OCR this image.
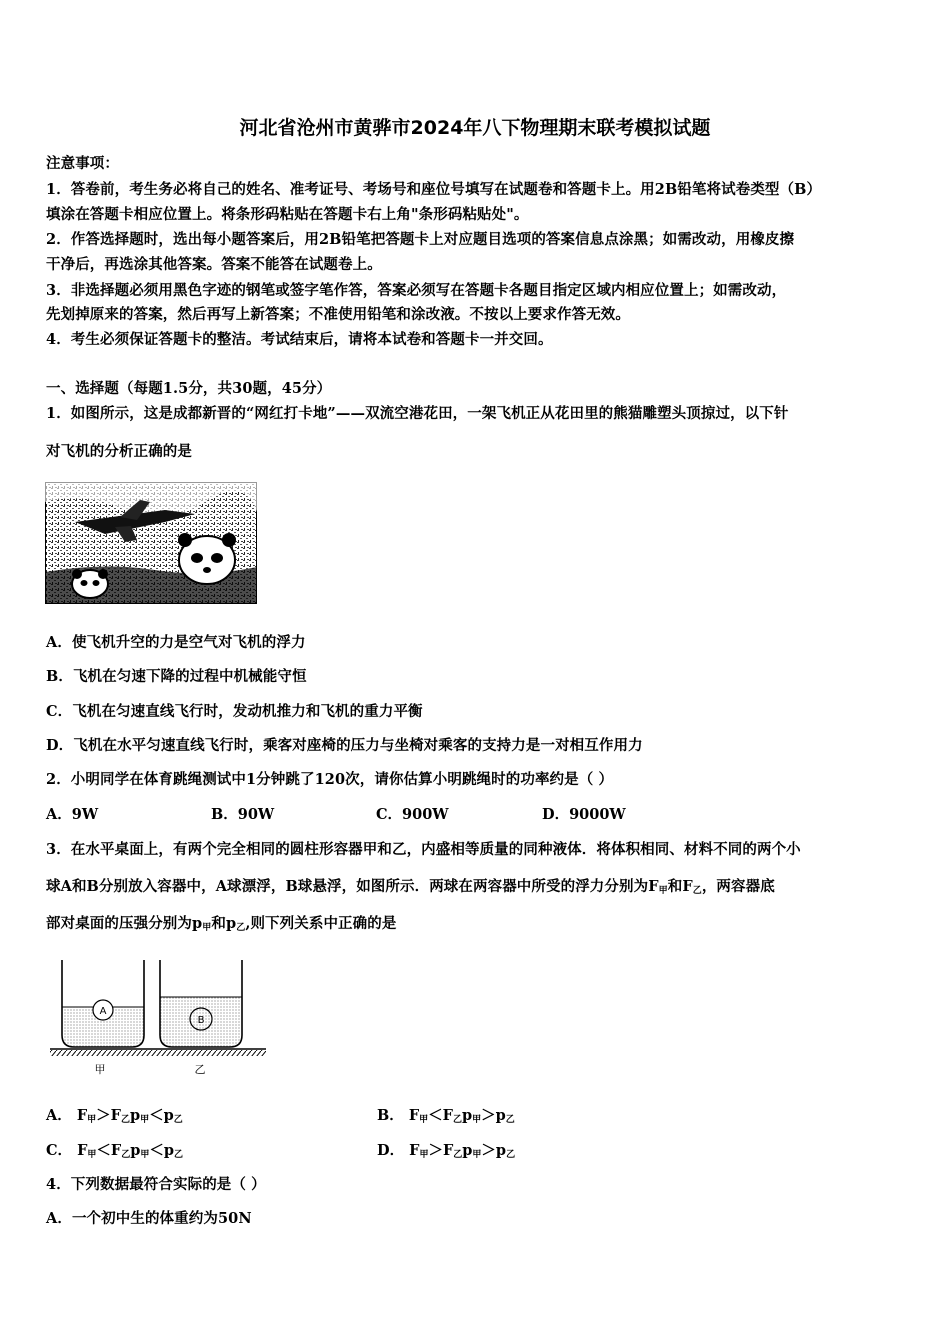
河北省沧州市黄骅市2024年八下物理期末联考模拟试题
注意事项：
1．答卷前，考生务必将自己的姓名、准考证号、考场号和座位号填写在试题卷和答题卡上。用2B铅笔将试卷类型（B）
填涂在答题卡相应位置上。将条形码粘贴在答题卡右上角"条形码粘贴处"。
2．作答选择题时，选出每小题答案后，用2B铅笔把答题卡上对应题目选项的答案信息点涂黑；如需改动，用橡皮擦
干净后，再选涂其他答案。答案不能答在试题卷上。
3．非选择题必须用黑色字迹的钢笔或签字笔作答，答案必须写在答题卡各题目指定区域内相应位置上；如需改动，
先划掉原来的答案，然后再写上新答案；不准使用铅笔和涂改液。不按以上要求作答无效。
4．考生必须保证答题卡的整洁。考试结束后，请将本试卷和答题卡一并交回。
一、选择题（每题1.5分，共30题，45分）
1．如图所示，这是成都新晋的“网红打卡地”——双流空港花田，一架飞机正从花田里的熊猫雕塑头顶掠过，以下针
对飞机的分析正确的是
A．使飞机升空的力是空气对飞机的浮力
B．飞机在匀速下降的过程中机械能守恒
C．飞机在匀速直线飞行时，发动机推力和飞机的重力平衡
D．飞机在水平匀速直线飞行时，乘客对座椅的压力与坐椅对乘客的支持力是一对相互作用力
2．小明同学在体育跳绳测试中1分钟跳了120次，请你估算小明跳绳时的功率约是（ ）
A．9W	B．90W	C．900W	D．9000W
3．在水平桌面上，有两个完全相同的圆柱形容器甲和乙，内盛相等质量的同种液体．将体积相同、材料不同的两个小
球A和B分别放入容器中，A球漂浮，B球悬浮，如图所示．两球在两容器中所受的浮力分别为$F_甲$和$F_乙$，两容器底
部对桌面的压强分别为$p_甲$和$p_乙$,则下列关系中正确的是
A
B
甲	乙
A． $F_甲>F_乙p_甲<p_乙$	B． $F_甲<F_乙p_甲>p_乙$
C． $F_甲<F_乙p_甲<p_乙$	D． $F_甲>F_乙p_甲>p_乙$
4．下列数据最符合实际的是（ ）
A．一个初中生的体重约为50N
